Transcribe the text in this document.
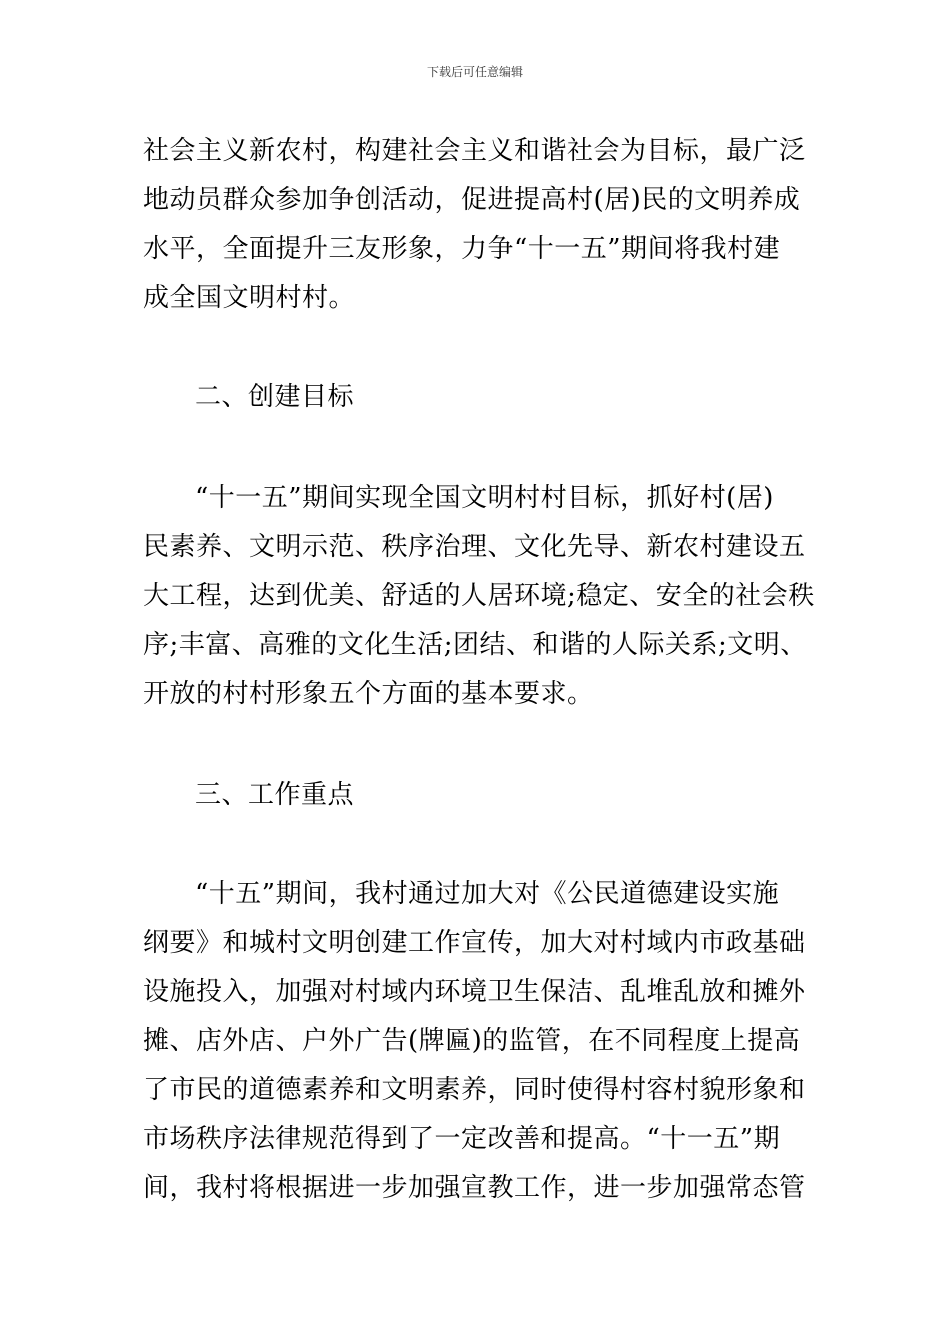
下载后可任意编辑
社会主义新农村，构建社会主义和谐社会为目标，最广泛
地动员群众参加争创活动，促进提高村(居)民的文明养成
水平，全面提升三友形象，力争“十一五”期间将我村建
成全国文明村村。
二、创建目标
“十一五”期间实现全国文明村村目标，抓好村(居)
民素养、文明示范、秩序治理、文化先导、新农村建设五
大工程，达到优美、舒适的人居环境;稳定、安全的社会秩
序;丰富、高雅的文化生活;团结、和谐的人际关系;文明、
开放的村村形象五个方面的基本要求。
三、工作重点
“十五”期间，我村通过加大对《公民道德建设实施
纲要》和城村文明创建工作宣传，加大对村域内市政基础
设施投入，加强对村域内环境卫生保洁、乱堆乱放和摊外
摊、店外店、户外广告(牌匾)的监管，在不同程度上提高
了市民的道德素养和文明素养，同时使得村容村貌形象和
市场秩序法律规范得到了一定改善和提高。“十一五”期
间，我村将根据进一步加强宣教工作，进一步加强常态管
